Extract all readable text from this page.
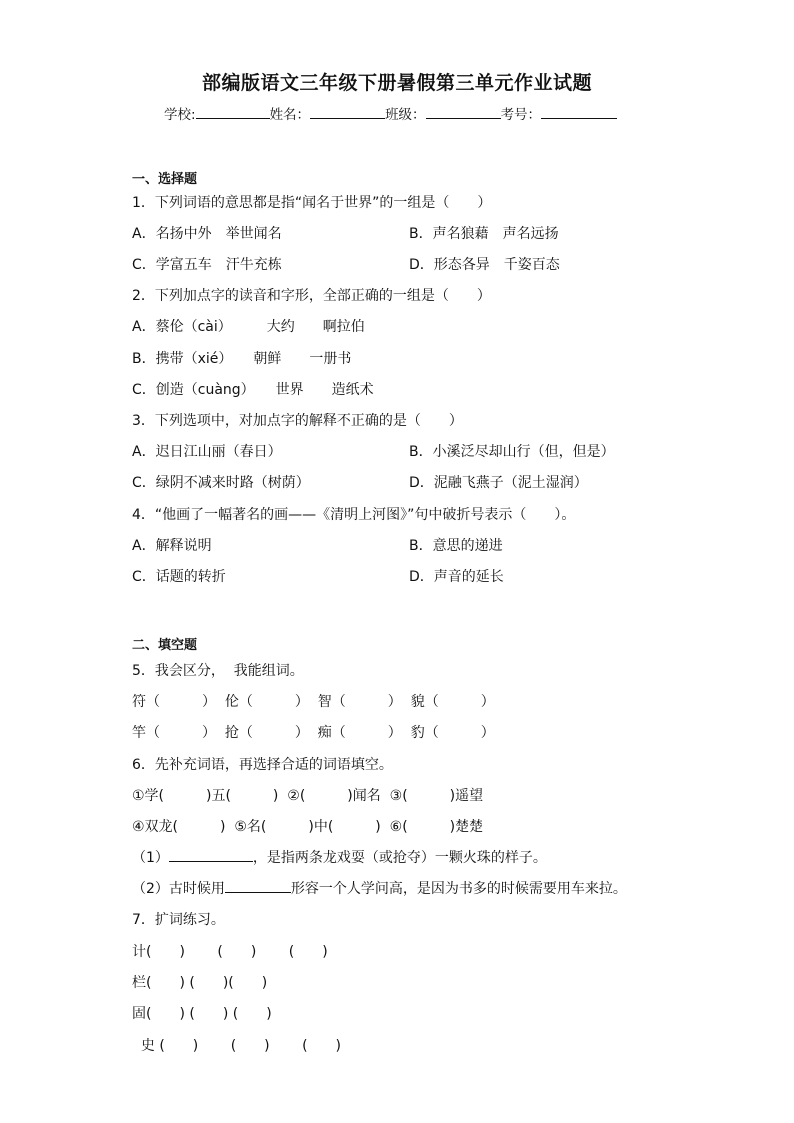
部编版语文三年级下册暑假第三单元作业试题
学校:	姓名：	班级：	考号：
一、选择题
1．下列词语的意思都是指“闻名于世界”的一组是（　　）
A．名扬中外　举世闻名	B．声名狼藉　声名远扬
C．学富五车　汗牛充栋	D．形态各异　千姿百态
2．下列加点字的读音和字形，全部正确的一组是（　　）
A．蔡伦（cài）　　　大约　　啊拉伯
B．携带（xié）　　朝鲜　　一册书
C．创造（cuàng）　　世界　　造纸术
3．下列选项中，对加点字的解释不正确的是（　　）
A．迟日江山丽（春日）	B．小溪泛尽却山行（但，但是）
C．绿阴不减来时路（树荫）	D．泥融飞燕子（泥土湿润）
4．“他画了一幅著名的画——《清明上河图》”句中破折号表示（　　）。
A．解释说明	B．意思的递进
C．话题的转折	D．声音的延长
二、填空题
5．我会区分，  我能组词。
符（　　　）  伦（　　　）  智（　　　）  貌（　　　）
竿（　　　）  抢（　　　）  痴（　　　）  豹（　　　）
6．先补充词语，再选择合适的词语填空。
①学(　　　)五(　　　)  ②(　　　)闻名  ③(　　　)遥望
④双龙(　　　)  ⑤名(　　　)中(　　　)  ⑥(　　　)楚楚
（1）	，是指两条龙戏耍（或抢夺）一颗火珠的样子。
（2）古时候用	形容一个人学问高，是因为书多的时候需要用车来拉。
7．扩词练习。
计(　　)　　 (　　)　　 (　　)
栏(　　) (　　)(　　)
固(　　) (　　) (　　)
史 (　　)　　 (　　)　　 (　　)
